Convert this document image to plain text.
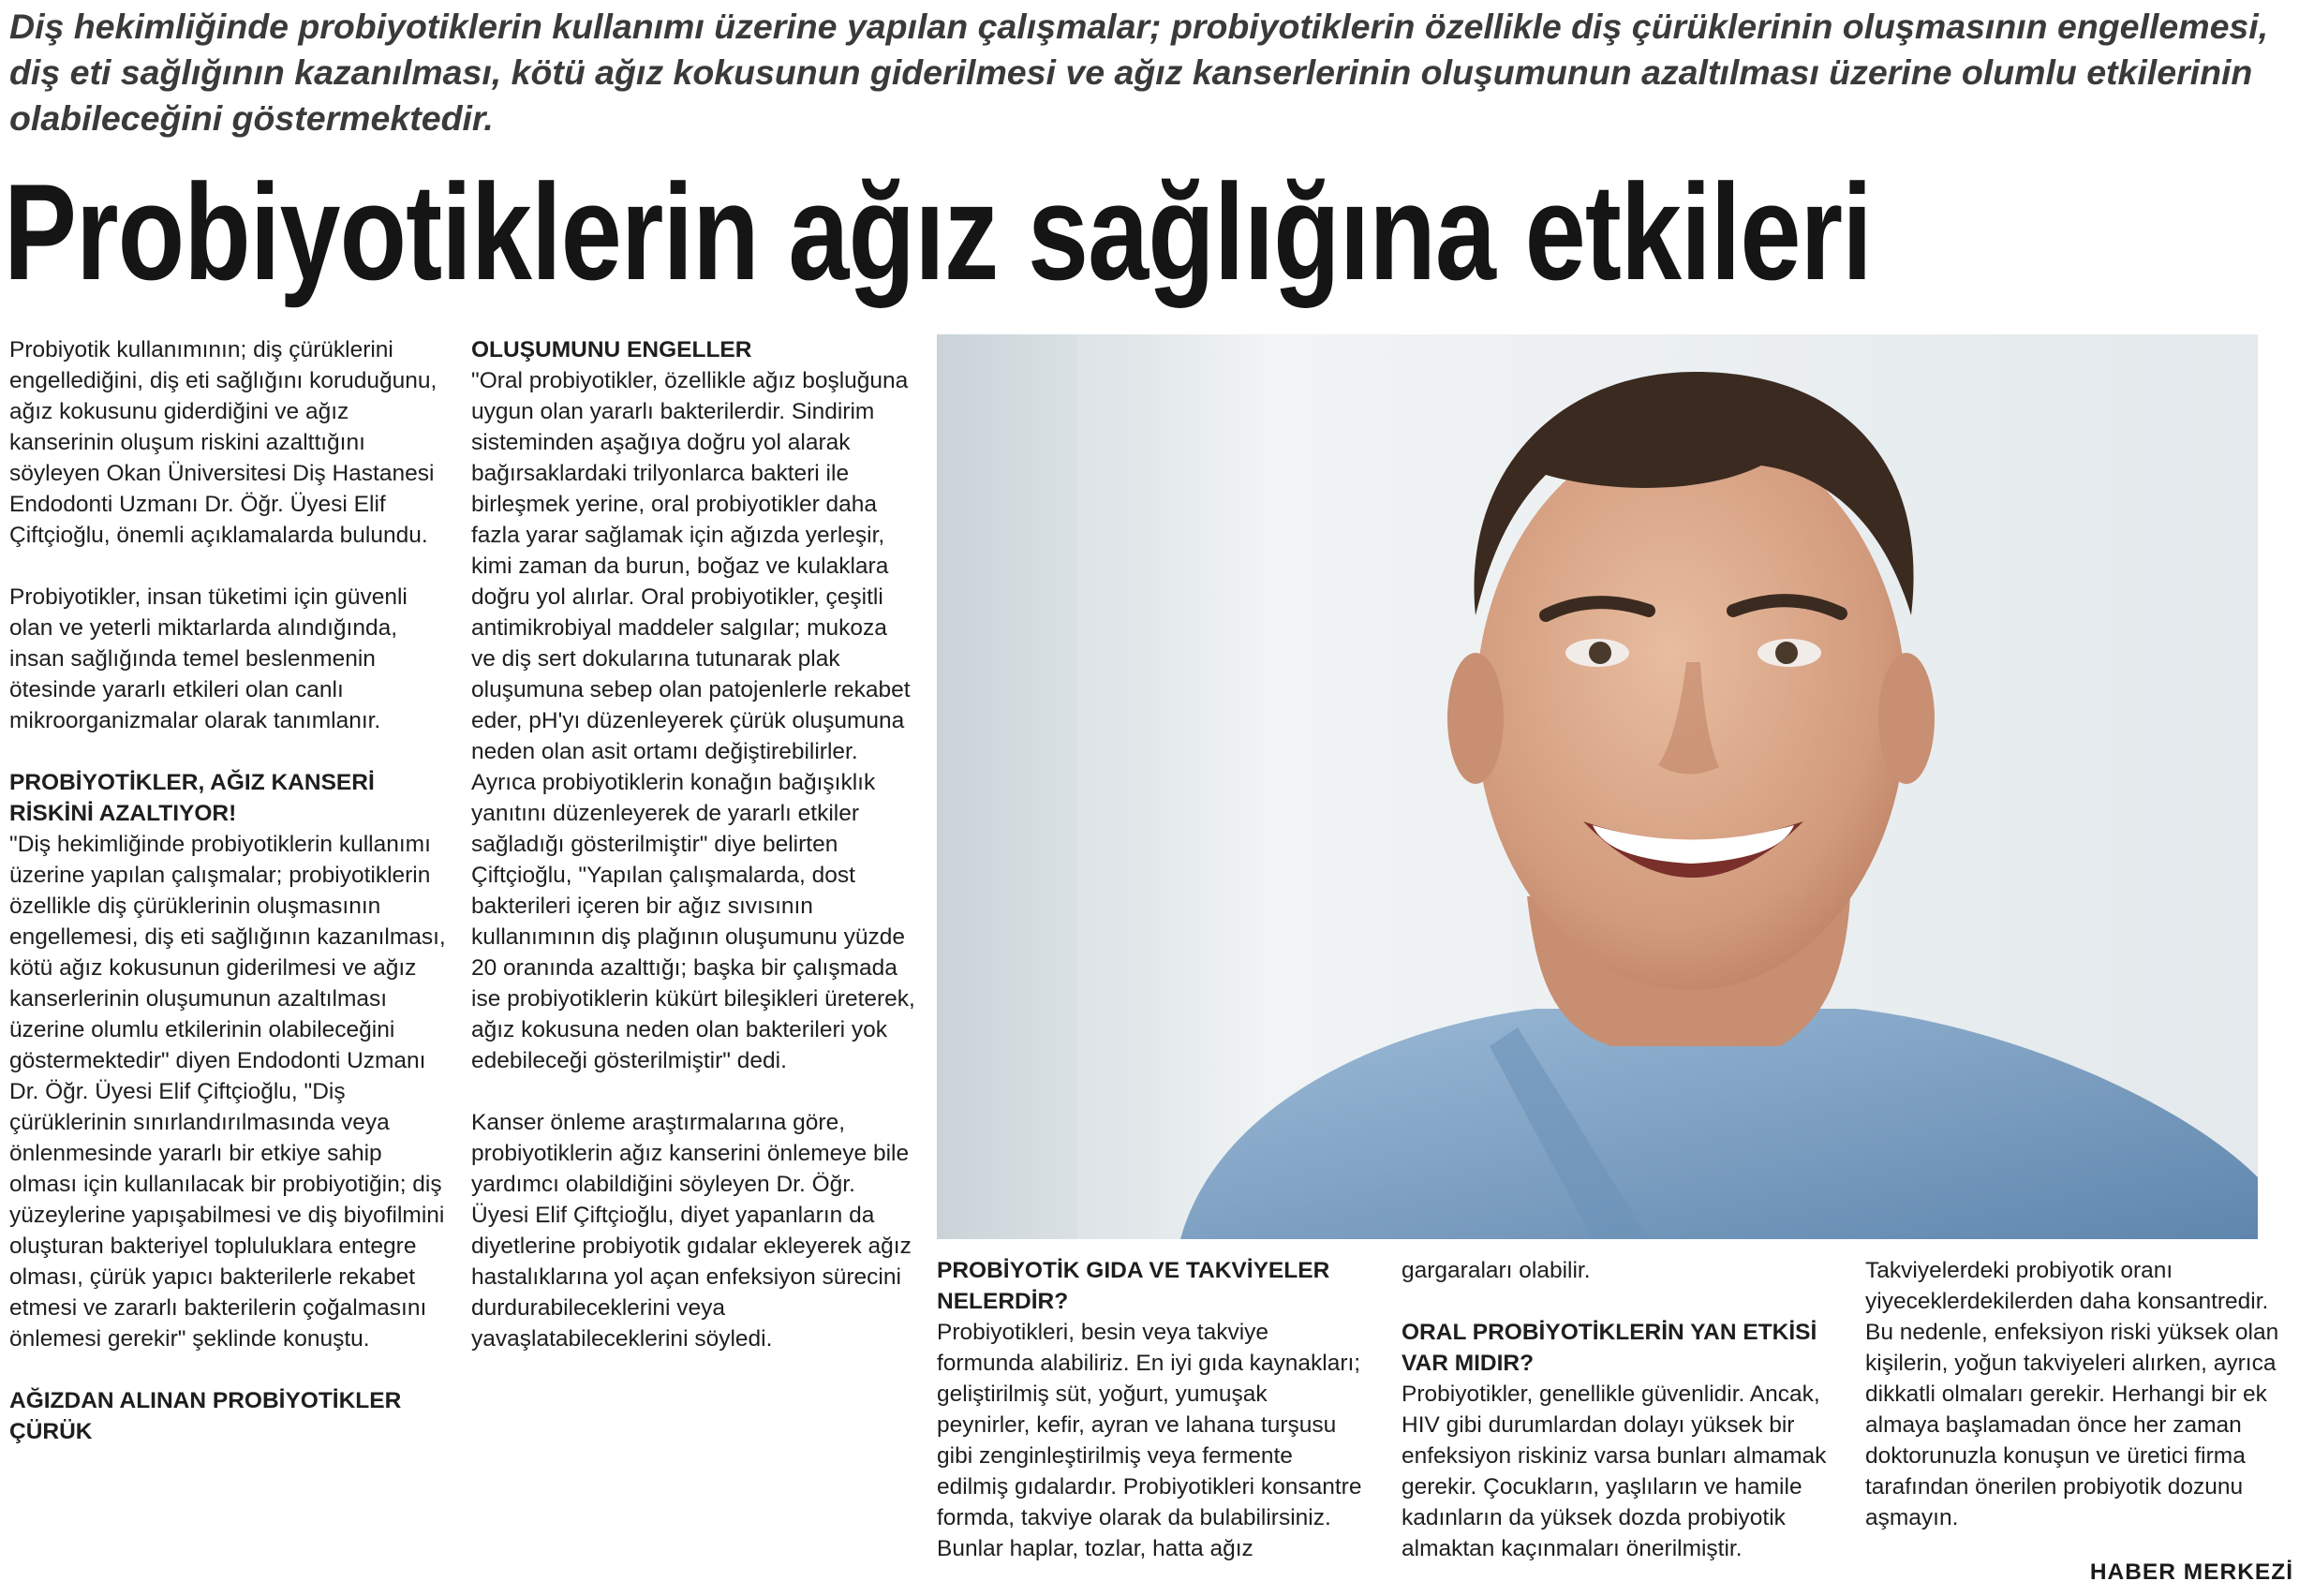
Diş hekimliğinde probiyotiklerin kullanımı üzerine yapılan çalışmalar; probiyotiklerin özellikle diş çürüklerinin oluşmasının engellemesi, diş eti sağlığının kazanılması, kötü ağız kokusunun giderilmesi ve ağız kanserlerinin oluşumunun azaltılması üzerine olumlu etkilerinin olabileceğini göstermektedir.

Probiyotiklerin ağız sağlığına etkileri

Probiyotik kullanımının; diş çürüklerini engellediğini, diş eti sağlığını koruduğunu, ağız kokusunu giderdiğini ve ağız kanserinin oluşum riskini azalttığını söyleyen Okan Üniversitesi Diş Hastanesi Endodonti Uzmanı Dr. Öğr. Üyesi Elif Çiftçioğlu, önemli açıklamalarda bulundu.

Probiyotikler, insan tüketimi için güvenli olan ve yeterli miktarlarda alındığında, insan sağlığında temel beslenmenin ötesinde yararlı etkileri olan canlı mikroorganizmalar olarak tanımlanır.

PROBİYOTİKLER, AĞIZ KANSERİ RİSKİNİ AZALTIYOR!

"Diş hekimliğinde probiyotiklerin kullanımı üzerine yapılan çalışmalar; probiyotiklerin özellikle diş çürüklerinin oluşmasının engellemesi, diş eti sağlığının kazanılması, kötü ağız kokusunun giderilmesi ve ağız kanserlerinin oluşumunun azaltılması üzerine olumlu etkilerinin olabileceğini göstermektedir" diyen Endodonti Uzmanı Dr. Öğr. Üyesi Elif Çiftçioğlu, "Diş çürüklerinin sınırlandırılmasında veya önlenmesinde yararlı bir etkiye sahip olması için kullanılacak bir probiyotiğin; diş yüzeylerine yapışabilmesi ve diş biyofilmini oluşturan bakteriyel topluluklara entegre olması, çürük yapıcı bakterilerle rekabet etmesi ve zararlı bakterilerin çoğalmasını önlemesi gerekir" şeklinde konuştu.

AĞIZDAN ALINAN PROBİYOTİKLER ÇÜRÜK
OLUŞUMUNU ENGELLER

"Oral probiyotikler, özellikle ağız boşluğuna uygun olan yararlı bakterilerdir. Sindirim sisteminden aşağıya doğru yol alarak bağırsaklardaki trilyonlarca bakteri ile birleşmek yerine, oral probiyotikler daha fazla yarar sağlamak için ağızda yerleşir, kimi zaman da burun, boğaz ve kulaklara doğru yol alırlar. Oral probiyotikler, çeşitli antimikrobiyal maddeler salgılar; mukoza ve diş sert dokularına tutunarak plak oluşumuna sebep olan patojenlerle rekabet eder, pH'yı düzenleyerek çürük oluşumuna neden olan asit ortamı değiştirebilirler. Ayrıca probiyotiklerin konağın bağışıklık yanıtını düzenleyerek de yararlı etkiler sağladığı gösterilmiştir" diye belirten Çiftçioğlu, "Yapılan çalışmalarda, dost bakterileri içeren bir ağız sıvısının kullanımının diş plağının oluşumunu yüzde 20 oranında azalttığı; başka bir çalışmada ise probiyotiklerin kükürt bileşikleri üreterek, ağız kokusuna neden olan bakterileri yok edebileceği gösterilmiştir" dedi.

Kanser önleme araştırmalarına göre, probiyotiklerin ağız kanserini önlemeye bile yardımcı olabildiğini söyleyen Dr. Öğr. Üyesi Elif Çiftçioğlu, diyet yapanların da diyetlerine probiyotik gıdalar ekleyerek ağız hastalıklarına yol açan enfeksiyon sürecini durdurabileceklerini veya yavaşlatabileceklerini söyledi.

PROBİYOTİK GIDA VE TAKVİYELER NELERDİR?

Probiyotikleri, besin veya takviye formunda alabiliriz. En iyi gıda kaynakları; geliştirilmiş süt, yoğurt, yumuşak peynirler, kefir, ayran ve lahana turşusu gibi zenginleştirilmiş veya fermente edilmiş gıdalardır. Probiyotikleri konsantre formda, takviye olarak da bulabilirsiniz. Bunlar haplar, tozlar, hatta ağız

gargaraları olabilir.

ORAL PROBİYOTİKLERİN YAN ETKİSİ VAR MIDIR?

Probiyotikler, genellikle güvenlidir. Ancak, HIV gibi durumlardan dolayı yüksek bir enfeksiyon riskiniz varsa bunları almamak gerekir. Çocukların, yaşlıların ve hamile kadınların da yüksek dozda probiyotik almaktan kaçınmaları önerilmiştir.

Takviyelerdeki probiyotik oranı yiyeceklerdekilerden daha konsantredir. Bu nedenle, enfeksiyon riski yüksek olan kişilerin, yoğun takviyeleri alırken, ayrıca dikkatli olmaları gerekir. Herhangi bir ek almaya başlamadan önce her zaman doktorunuzla konuşun ve üretici firma tarafından önerilen probiyotik dozunu aşmayın.

HABER MERKEZİ
